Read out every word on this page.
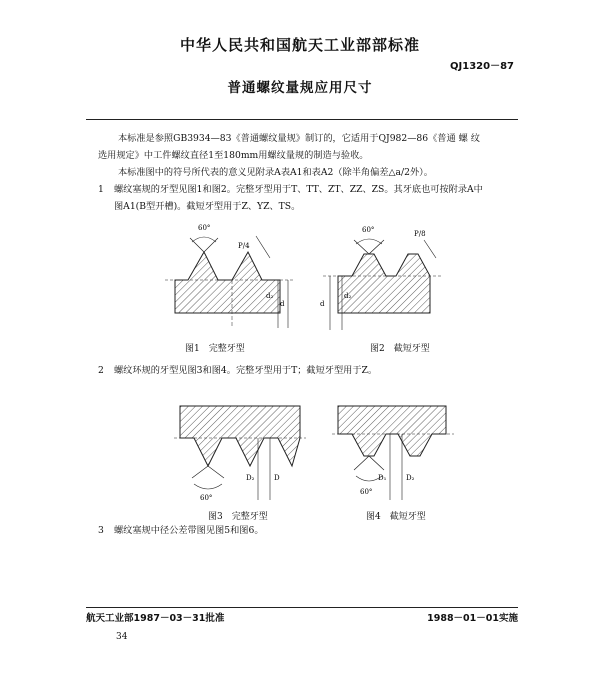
中华人民共和国航天工业部部标准
QJ1320－87
普通螺纹量规应用尺寸
本标准是参照GB3934—83《普通螺纹量规》制订的，它适用于QJ982—86《普通 螺 纹
选用规定》中工件螺纹直径1至180mm用螺纹量规的制造与验收。
本标准图中的符号所代表的意义见附录A表A1和表A2（除半角偏差△a/2外）。
1 螺纹塞规的牙型见图1和图2。完整牙型用于T、TT、ZT、ZZ、ZS。其牙底也可按附录A中
图A1(B型开槽)。截短牙型用于Z、YZ、TS。
60°
P/4
d
d₂
图1　完整牙型
60°	P/8
d
d₂
图2　截短牙型
2 螺纹环规的牙型见图3和图4。完整牙型用于T；截短牙型用于Z。
60°
D
D₂
图3　完整牙型
60°
D₁	D₂
图4　截短牙型
3 螺纹塞规中径公差带图见图5和图6。
航天工业部1987－03－31批准	1988－01－01实施
34
